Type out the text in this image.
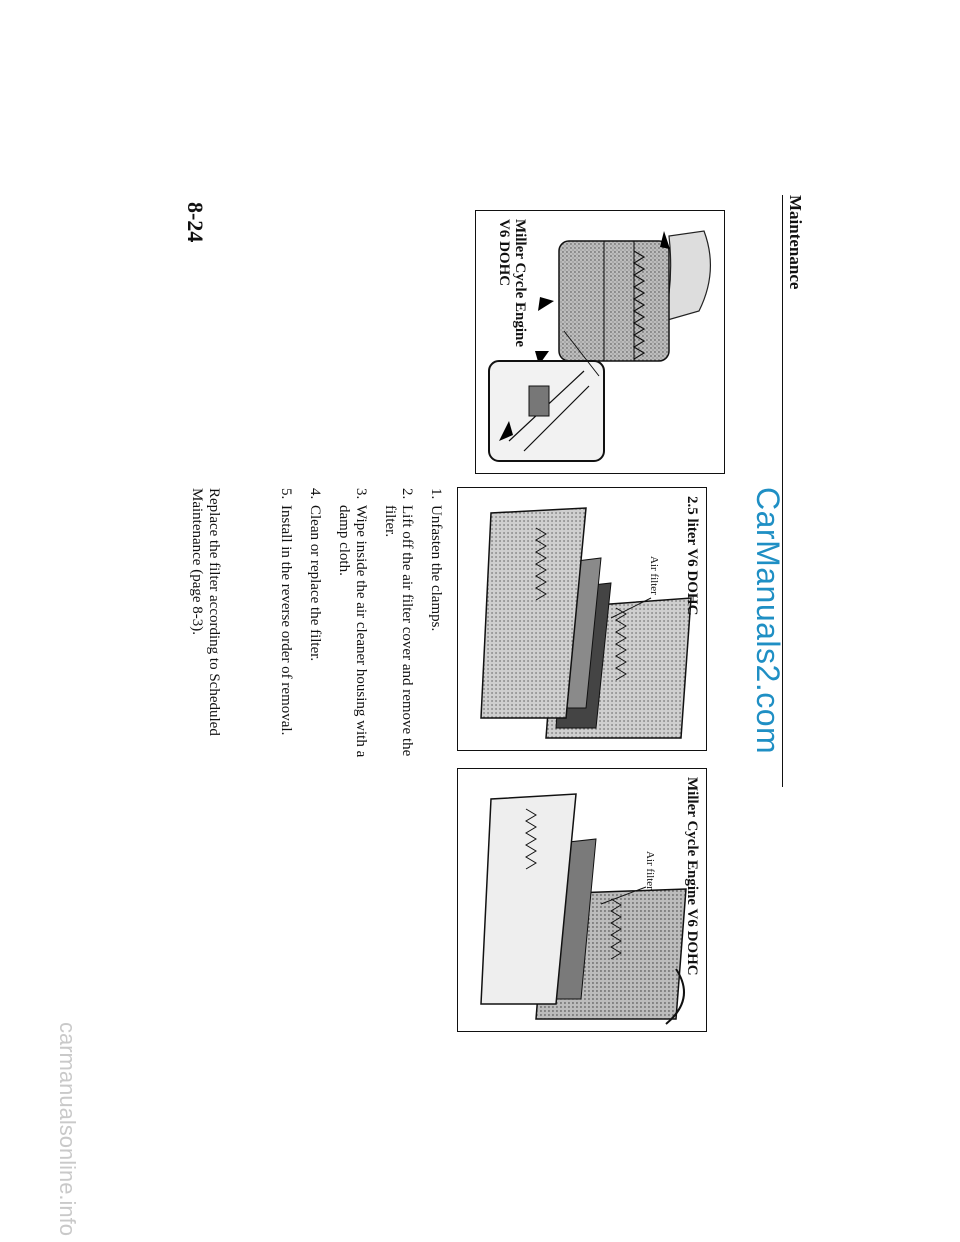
Maintenance
8-24
CarManuals2.com
Miller Cycle Engine
V6 DOHC
2.5 liter V6 DOHC
Air filter
Miller Cycle Engine V6 DOHC
Air filter
1.
Unfasten the clamps.
2.
Lift off the air filter cover and remove the filter.
3.
Wipe inside the air cleaner housing with a damp cloth.
4.
Clean or replace the filter.
5.
Install in the reverse order of removal.
Replace the filter according to Scheduled Maintenance (page 8-3).
carmanualsonline.info
